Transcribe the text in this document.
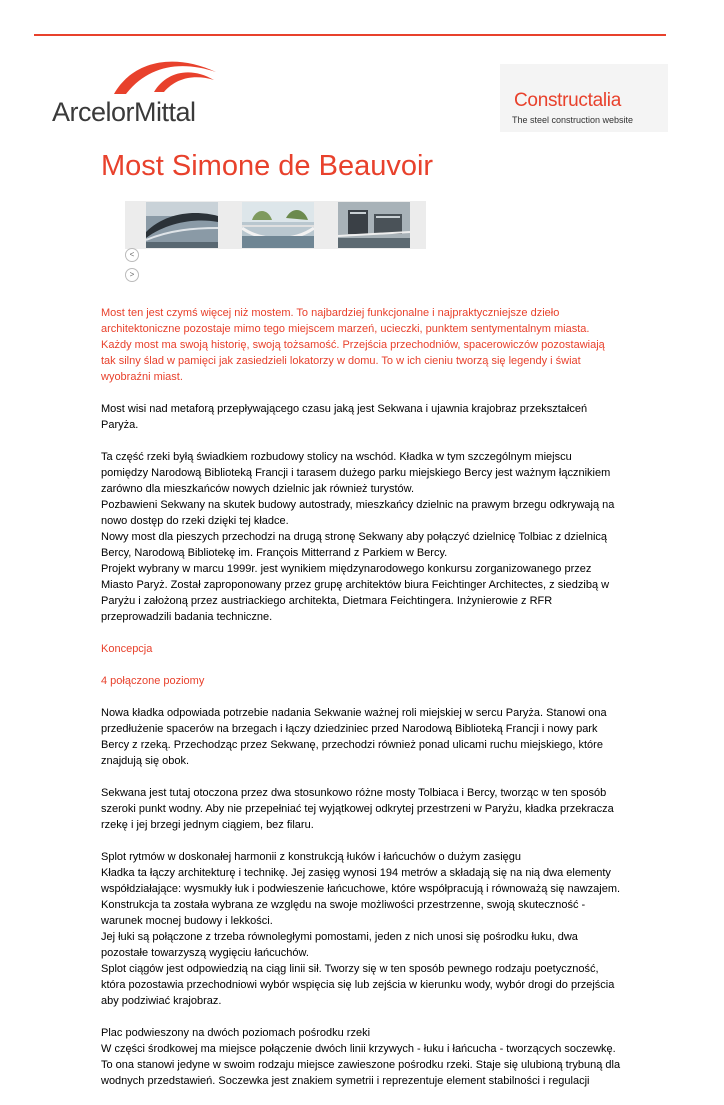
ArcelorMittal	Constructalia
The steel construction website
Most Simone de Beauvoir
<
>

Most ten jest czymś więcej niż mostem. To najbardziej funkcjonalne i najpraktyczniejsze dzieło architektoniczne pozostaje mimo tego miejscem marzeń, ucieczki, punktem sentymentalnym miasta. Każdy most ma swoją historię, swoją tożsamość. Przejścia przechodniów, spacerowiczów pozostawiają tak silny ślad w pamięci jak zasiedzieli lokatorzy w domu. To w ich cieniu tworzą się legendy i świat wyobraźni miast.

Most wisi nad metaforą przepływającego czasu jaką jest Sekwana i ujawnia krajobraz przekształceń Paryża.

Ta część rzeki byłą świadkiem rozbudowy stolicy na wschód. Kładka w tym szczególnym miejscu pomiędzy Narodową Biblioteką Francji i tarasem dużego parku miejskiego Bercy jest ważnym łącznikiem zarówno dla mieszkańców nowych dzielnic jak również turystów.
Pozbawieni Sekwany na skutek budowy autostrady, mieszkańcy dzielnic na prawym brzegu odkrywają na nowo dostęp do rzeki dzięki tej kładce.
Nowy most dla pieszych przechodzi na drugą stronę Sekwany aby połączyć dzielnicę Tolbiac z dzielnicą Bercy, Narodową Bibliotekę im. François Mitterrand z Parkiem w Bercy.
Projekt wybrany w marcu 1999r. jest wynikiem międzynarodowego konkursu zorganizowanego przez Miasto Paryż. Został zaproponowany przez grupę architektów biura Feichtinger Architectes, z siedzibą w Paryżu i założoną przez austriackiego architekta, Dietmara Feichtingera. Inżynierowie z RFR przeprowadzili badania techniczne.

Koncepcja

4 połączone poziomy

Nowa kładka odpowiada potrzebie nadania Sekwanie ważnej roli miejskiej w sercu Paryża. Stanowi ona przedłużenie spacerów na brzegach i łączy dziedziniec przed Narodową Biblioteką Francji i nowy park Bercy z rzeką. Przechodząc przez Sekwanę, przechodzi również ponad ulicami ruchu miejskiego, które znajdują się obok.

Sekwana jest tutaj otoczona przez dwa stosunkowo różne mosty Tolbiaca i Bercy, tworząc w ten sposób szeroki punkt wodny. Aby nie przepełniać tej wyjątkowej odkrytej przestrzeni w Paryżu, kładka przekracza rzekę i jej brzegi jednym ciągiem, bez filaru.

Splot rytmów w doskonałej harmonii z konstrukcją łuków i łańcuchów o dużym zasięgu
Kładka ta łączy architekturę i technikę. Jej zasięg wynosi 194 metrów a składają się na nią dwa elementy współdziałające: wysmukły łuk i podwieszenie łańcuchowe, które współpracują i równoważą się nawzajem. Konstrukcja ta została wybrana ze względu na swoje możliwości przestrzenne, swoją skuteczność - warunek mocnej budowy i lekkości.
Jej łuki są połączone z trzeba równoległymi pomostami, jeden z nich unosi się pośrodku łuku, dwa pozostałe towarzyszą wygięciu łańcuchów.
Splot ciągów jest odpowiedzią na ciąg linii sił. Tworzy się w ten sposób pewnego rodzaju poetyczność, która pozostawia przechodniowi wybór wspięcia się lub zejścia w kierunku wody, wybór drogi do przejścia aby podziwiać krajobraz.

Plac podwieszony na dwóch poziomach pośrodku rzeki
W części środkowej ma miejsce połączenie dwóch linii krzywych - łuku i łańcucha - tworzących soczewkę. To ona stanowi jedyne w swoim rodzaju miejsce zawieszone pośrodku rzeki. Staje się ulubioną trybuną dla wodnych przedstawień. Soczewka jest znakiem symetrii i reprezentuje element stabilności i regulacji
